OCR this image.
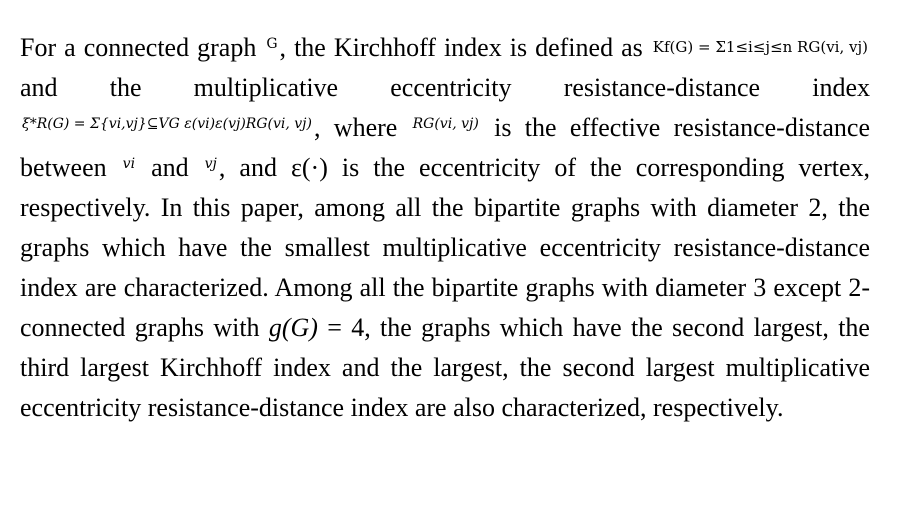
For a connected graph G, the Kirchhoff index is defined as Kf(G) = Σ1≤i≤j≤n RG(vi, vj) and the multiplicative eccentricity resistance-distance index ξ*R(G) = Σ{vi,vj}⊆VG ε(vi)ε(vj)RG(vi, vj), where RG(vi, vj) is the effective resistance-distance between vi and vj, and ε(·) is the eccentricity of the corresponding vertex, respectively. In this paper, among all the bipartite graphs with diameter 2, the graphs which have the smallest multiplicative eccentricity resistance-distance index are characterized. Among all the bipartite graphs with diameter 3 except 2-connected graphs with g(G) = 4, the graphs which have the second largest, the third largest Kirchhoff index and the largest, the second largest multiplicative eccentricity resistance-distance index are also characterized, respectively.
